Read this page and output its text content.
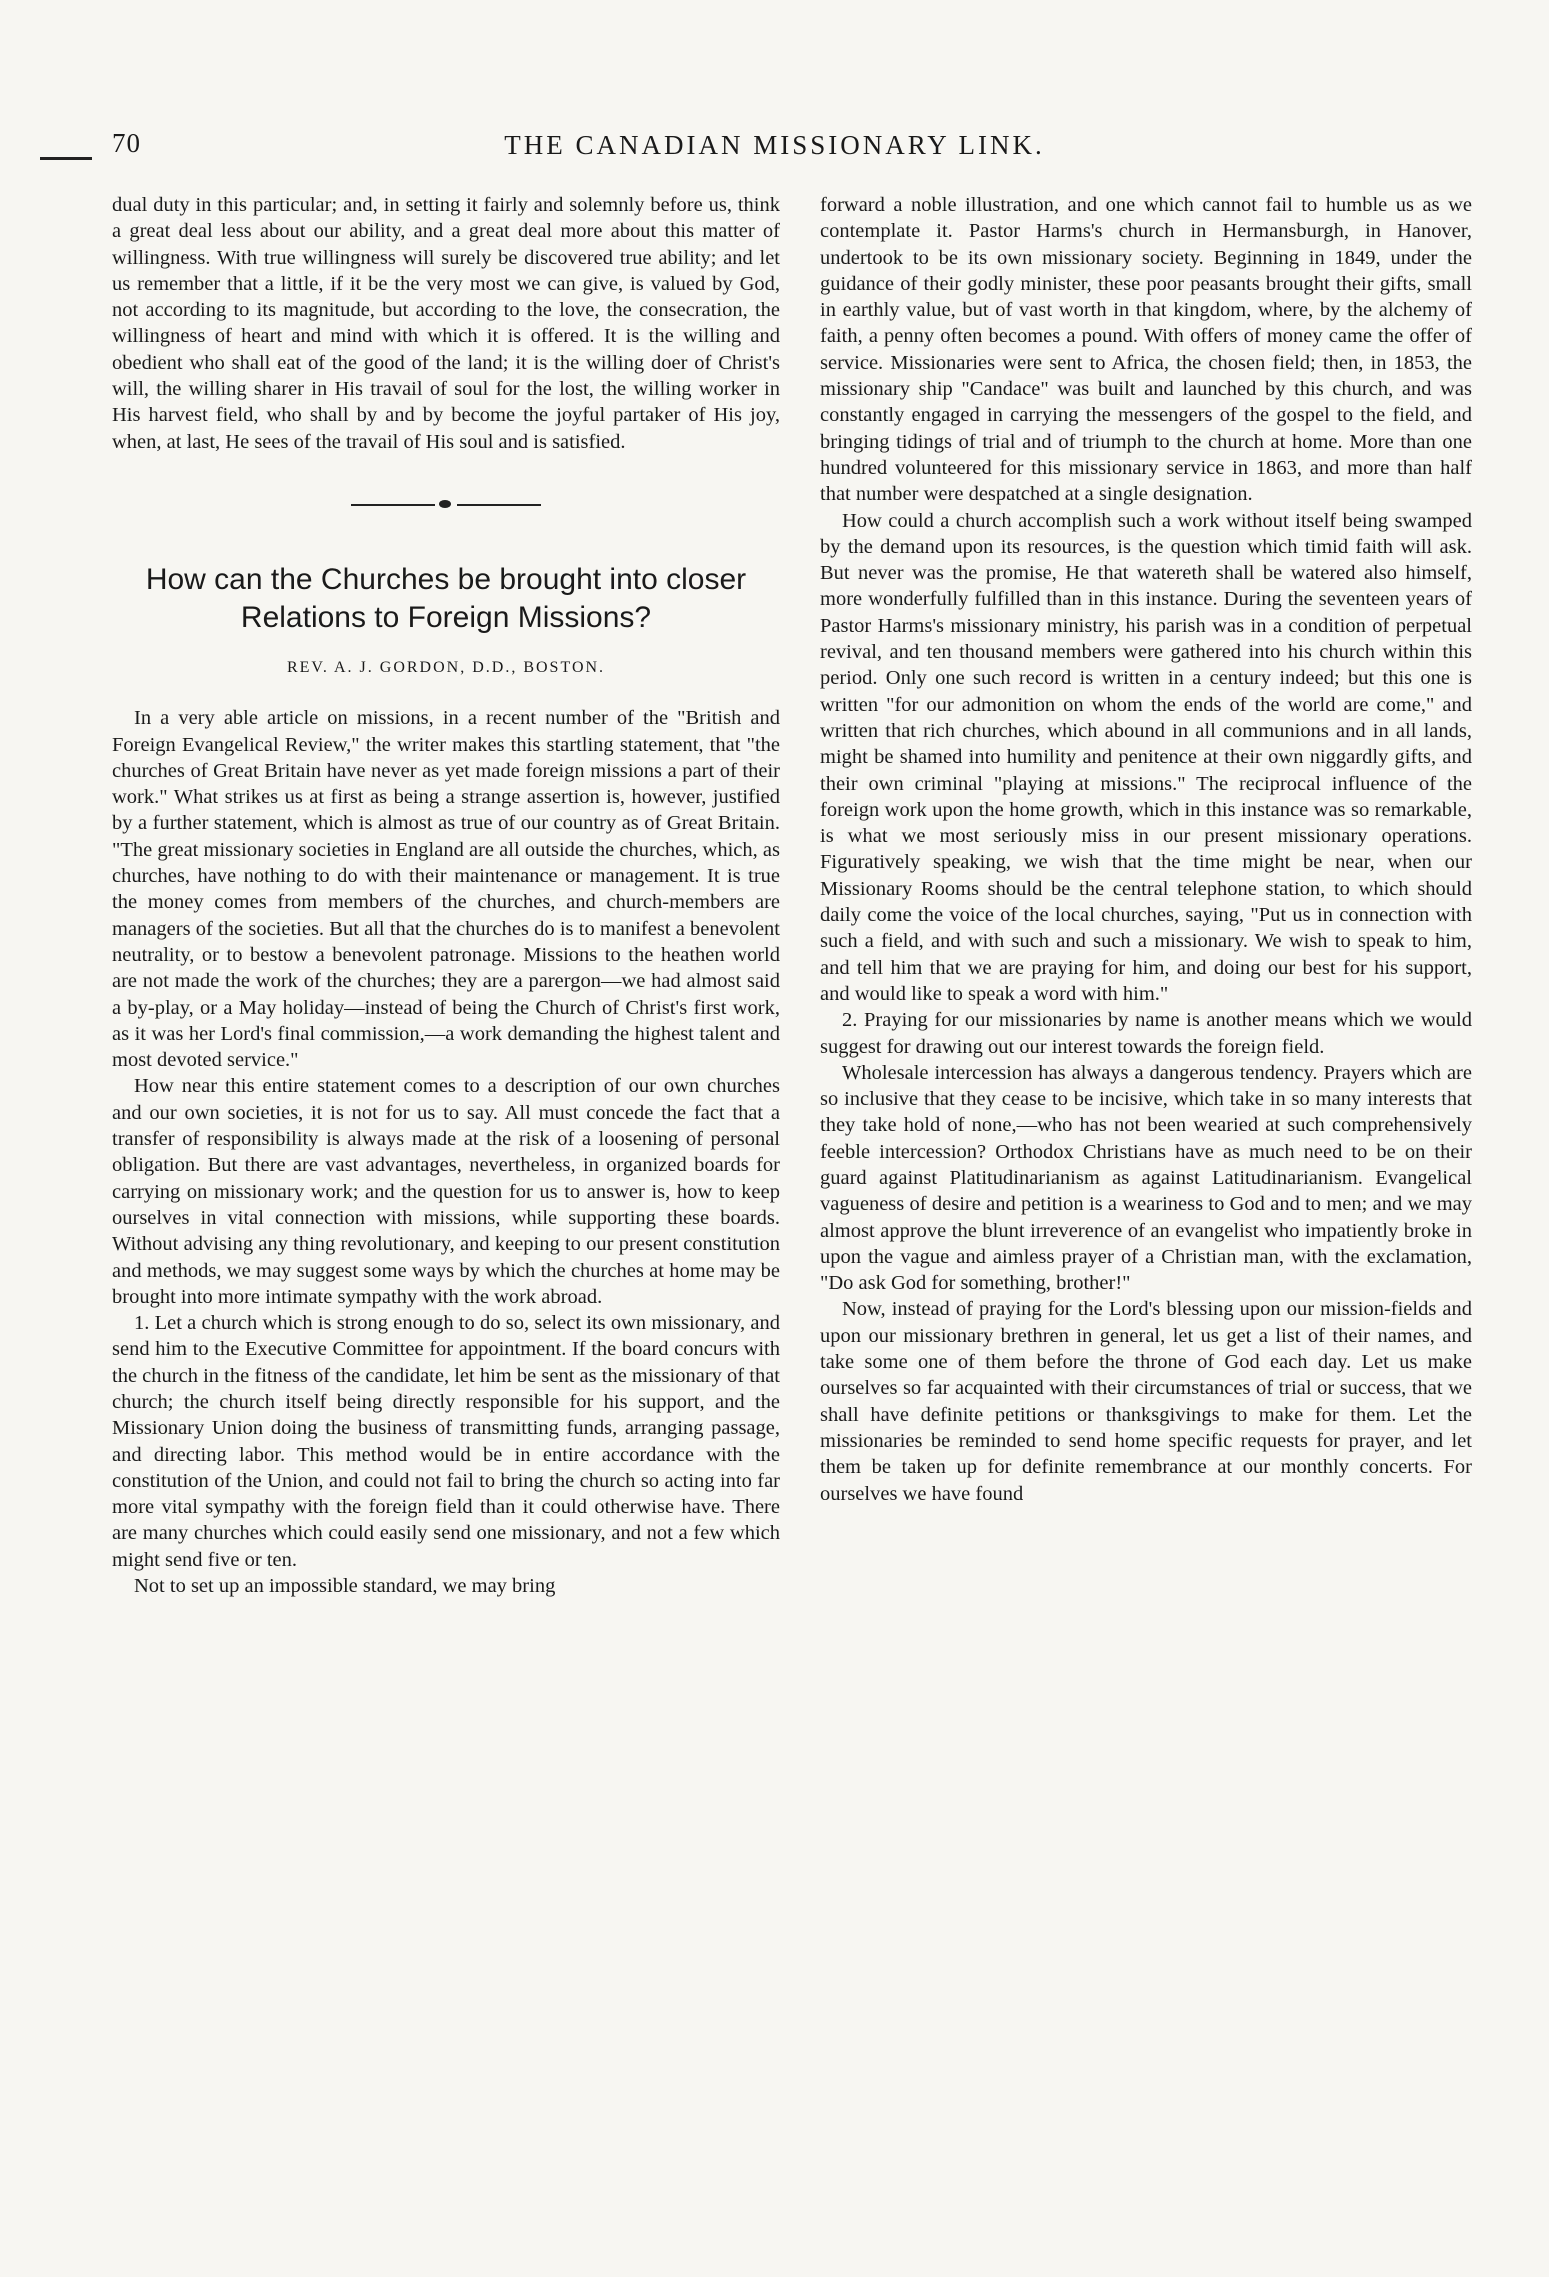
70	THE CANADIAN MISSIONARY LINK.

dual duty in this particular; and, in setting it fairly and solemnly before us, think a great deal less about our ability, and a great deal more about this matter of willingness. With true willingness will surely be discovered true ability; and let us remember that a little, if it be the very most we can give, is valued by God, not according to its magnitude, but according to the love, the consecration, the willingness of heart and mind with which it is offered. It is the willing and obedient who shall eat of the good of the land; it is the willing doer of Christ's will, the willing sharer in His travail of soul for the lost, the willing worker in His harvest field, who shall by and by become the joyful partaker of His joy, when, at last, He sees of the travail of His soul and is satisfied.

How can the Churches be brought into closer Relations to Foreign Missions?
REV. A. J. GORDON, D.D., BOSTON.

In a very able article on missions, in a recent number of the "British and Foreign Evangelical Review," the writer makes this startling statement, that "the churches of Great Britain have never as yet made foreign missions a part of their work." What strikes us at first as being a strange assertion is, however, justified by a further statement, which is almost as true of our country as of Great Britain. "The great missionary societies in England are all outside the churches, which, as churches, have nothing to do with their maintenance or management. It is true the money comes from members of the churches, and church-members are managers of the societies. But all that the churches do is to manifest a benevolent neutrality, or to bestow a benevolent patronage. Missions to the heathen world are not made the work of the churches; they are a parergon—we had almost said a by-play, or a May holiday—instead of being the Church of Christ's first work, as it was her Lord's final commission,—a work demanding the highest talent and most devoted service."

How near this entire statement comes to a description of our own churches and our own societies, it is not for us to say. All must concede the fact that a transfer of responsibility is always made at the risk of a loosening of personal obligation. But there are vast advantages, nevertheless, in organized boards for carrying on missionary work; and the question for us to answer is, how to keep ourselves in vital connection with missions, while supporting these boards. Without advising any thing revolutionary, and keeping to our present constitution and methods, we may suggest some ways by which the churches at home may be brought into more intimate sympathy with the work abroad.

1. Let a church which is strong enough to do so, select its own missionary, and send him to the Executive Committee for appointment. If the board concurs with the church in the fitness of the candidate, let him be sent as the missionary of that church; the church itself being directly responsible for his support, and the Missionary Union doing the business of transmitting funds, arranging passage, and directing labor. This method would be in entire accordance with the constitution of the Union, and could not fail to bring the church so acting into far more vital sympathy with the foreign field than it could otherwise have. There are many churches which could easily send one missionary, and not a few which might send five or ten.

Not to set up an impossible standard, we may bring

forward a noble illustration, and one which cannot fail to humble us as we contemplate it. Pastor Harms's church in Hermansburgh, in Hanover, undertook to be its own missionary society. Beginning in 1849, under the guidance of their godly minister, these poor peasants brought their gifts, small in earthly value, but of vast worth in that kingdom, where, by the alchemy of faith, a penny often becomes a pound. With offers of money came the offer of service. Missionaries were sent to Africa, the chosen field; then, in 1853, the missionary ship "Candace" was built and launched by this church, and was constantly engaged in carrying the messengers of the gospel to the field, and bringing tidings of trial and of triumph to the church at home. More than one hundred volunteered for this missionary service in 1863, and more than half that number were despatched at a single designation.

How could a church accomplish such a work without itself being swamped by the demand upon its resources, is the question which timid faith will ask. But never was the promise, He that watereth shall be watered also himself, more wonderfully fulfilled than in this instance. During the seventeen years of Pastor Harms's missionary ministry, his parish was in a condition of perpetual revival, and ten thousand members were gathered into his church within this period. Only one such record is written in a century indeed; but this one is written "for our admonition on whom the ends of the world are come," and written that rich churches, which abound in all communions and in all lands, might be shamed into humility and penitence at their own niggardly gifts, and their own criminal "playing at missions." The reciprocal influence of the foreign work upon the home growth, which in this instance was so remarkable, is what we most seriously miss in our present missionary operations. Figuratively speaking, we wish that the time might be near, when our Missionary Rooms should be the central telephone station, to which should daily come the voice of the local churches, saying, "Put us in connection with such a field, and with such and such a missionary. We wish to speak to him, and tell him that we are praying for him, and doing our best for his support, and would like to speak a word with him."

2. Praying for our missionaries by name is another means which we would suggest for drawing out our interest towards the foreign field.

Wholesale intercession has always a dangerous tendency. Prayers which are so inclusive that they cease to be incisive, which take in so many interests that they take hold of none,—who has not been wearied at such comprehensively feeble intercession? Orthodox Christians have as much need to be on their guard against Platitudinarianism as against Latitudinarianism. Evangelical vagueness of desire and petition is a weariness to God and to men; and we may almost approve the blunt irreverence of an evangelist who impatiently broke in upon the vague and aimless prayer of a Christian man, with the exclamation, "Do ask God for something, brother!"

Now, instead of praying for the Lord's blessing upon our mission-fields and upon our missionary brethren in general, let us get a list of their names, and take some one of them before the throne of God each day. Let us make ourselves so far acquainted with their circumstances of trial or success, that we shall have definite petitions or thanksgivings to make for them. Let the missionaries be reminded to send home specific requests for prayer, and let them be taken up for definite remembrance at our monthly concerts. For ourselves we have found
